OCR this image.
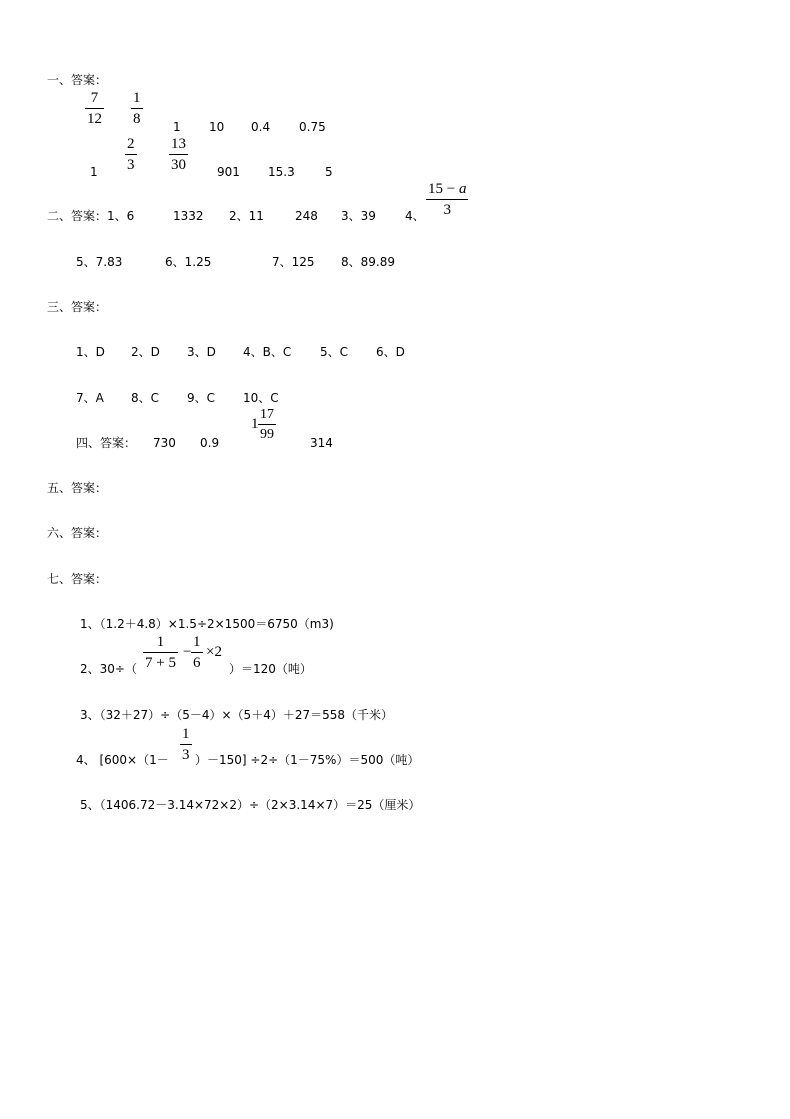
一、答案：
7
12
1
8	1 10 0.4 0.75
1
2
3
13
30	901 15.3	5
二、答案：1、6	1332 2、11	248 3、39 4、
15 − a
3
5、7.83	6、1.25	7、125 8、89.89
三、答案：
1、D 2、D 3、D 4、B、C 5、C 6、D
7、A 8、C 9、C 10、C
四、答案： 730 0.9
1
17
99
314
五、答案：
六、答案：
七、答案：
1、（1.2＋4.8）×1.5÷2×1500＝6750（m3)
2、30÷（
1
7 + 5
−
1
6
×2
）＝120（吨）
3、（32＋27）÷（5－4）×（5＋4）＋27＝558（千米）
4、 [600×（1－
1
3 ）－150] ÷2÷（1－75%）＝500（吨）
5、（1406.72－3.14×72×2）÷（2×3.14×7）＝25（厘米）
